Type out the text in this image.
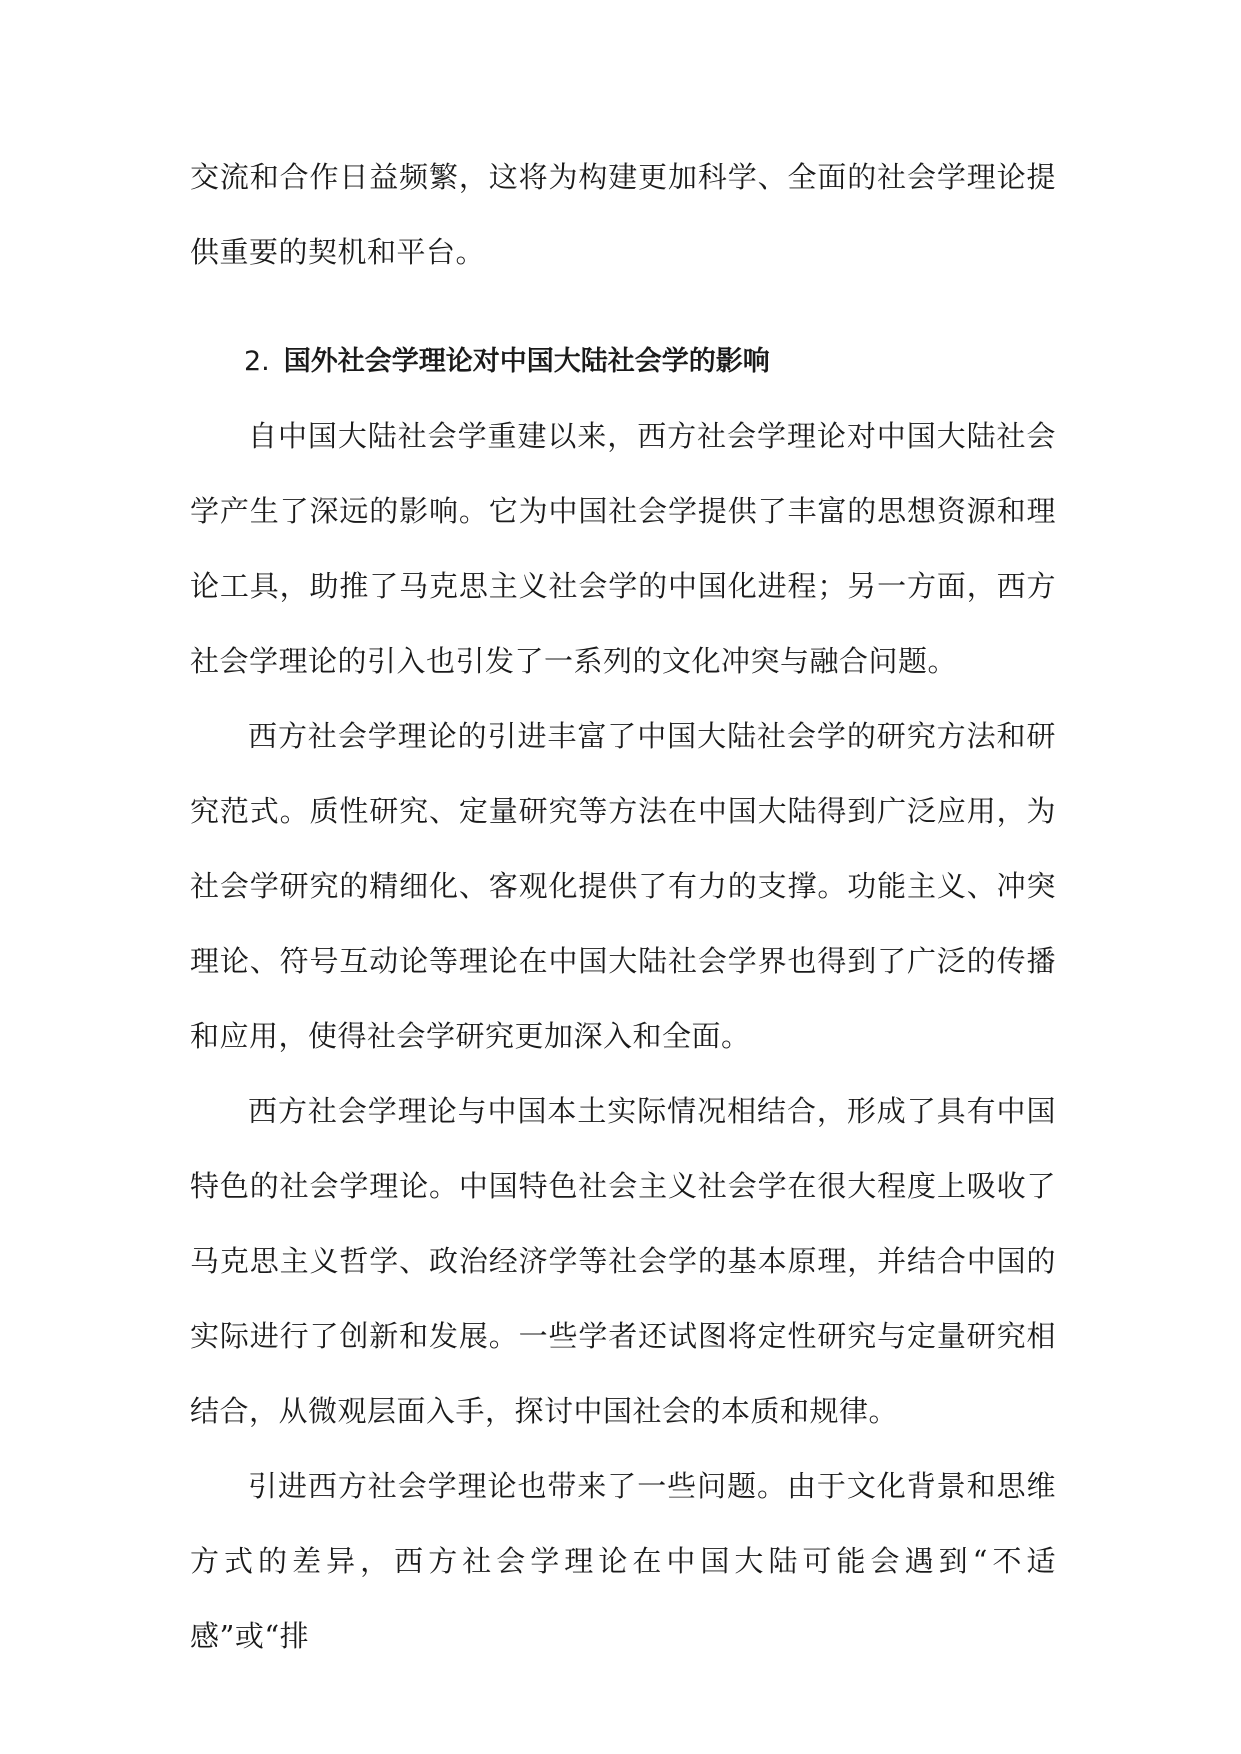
交流和合作日益频繁，这将为构建更加科学、全面的社会学理论提供重要的契机和平台。

2. 国外社会学理论对中国大陆社会学的影响

自中国大陆社会学重建以来，西方社会学理论对中国大陆社会学产生了深远的影响。它为中国社会学提供了丰富的思想资源和理论工具，助推了马克思主义社会学的中国化进程；另一方面，西方社会学理论的引入也引发了一系列的文化冲突与融合问题。

西方社会学理论的引进丰富了中国大陆社会学的研究方法和研究范式。质性研究、定量研究等方法在中国大陆得到广泛应用，为社会学研究的精细化、客观化提供了有力的支撑。功能主义、冲突理论、符号互动论等理论在中国大陆社会学界也得到了广泛的传播和应用，使得社会学研究更加深入和全面。

西方社会学理论与中国本土实际情况相结合，形成了具有中国特色的社会学理论。中国特色社会主义社会学在很大程度上吸收了马克思主义哲学、政治经济学等社会学的基本原理，并结合中国的实际进行了创新和发展。一些学者还试图将定性研究与定量研究相结合，从微观层面入手，探讨中国社会的本质和规律。

引进西方社会学理论也带来了一些问题。由于文化背景和思维方式的差异，西方社会学理论在中国大陆可能会遇到“不适感”或“排
